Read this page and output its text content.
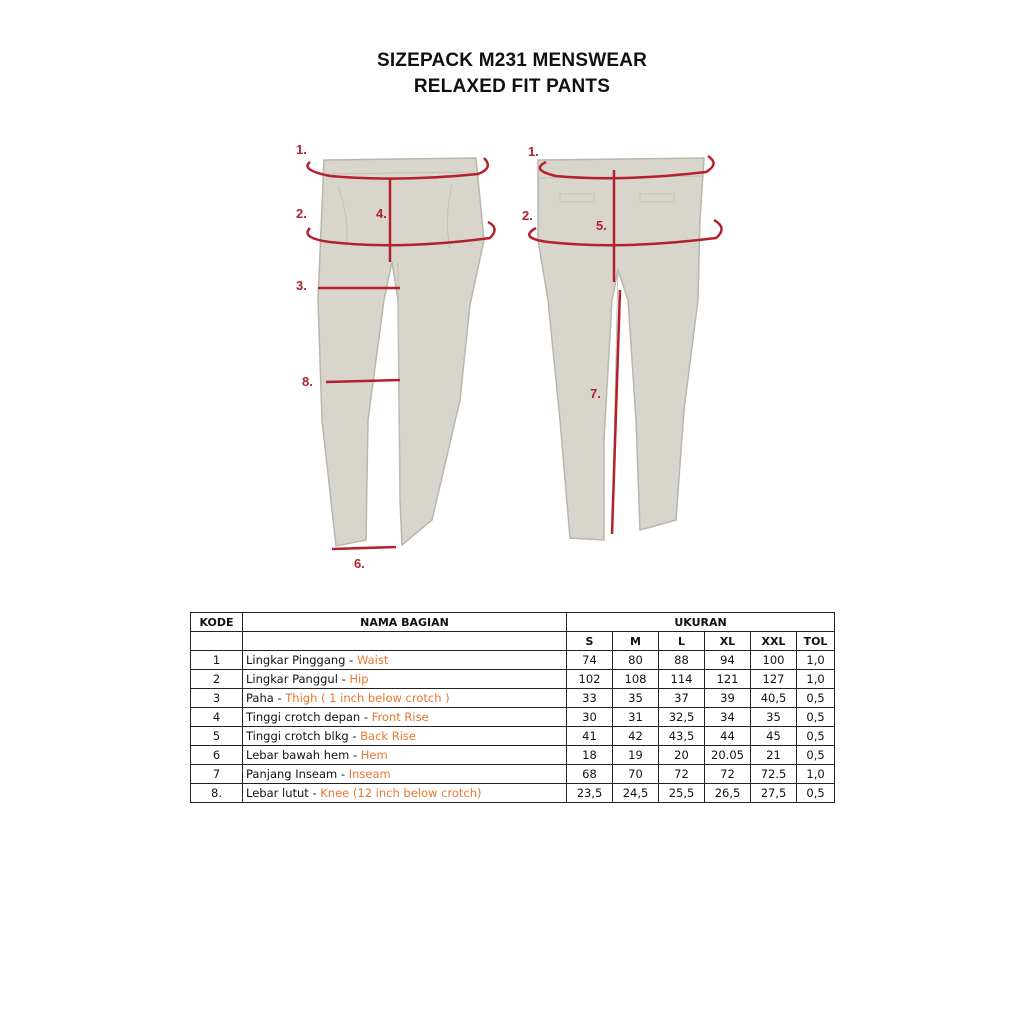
SIZEPACK M231 MENSWEAR
RELAXED FIT PANTS
1.
2.
3.
4.
8.
6.
1.
2.
5.
7.
KODE	NAMA BAGIAN	UKURAN					
		S	M	L	XL	XXL	TOL
1	Lingkar Pinggang - Waist	74	80	88	94	100	1,0
2	Lingkar Panggul - Hip	102	108	114	121	127	1,0
3	Paha - Thigh ( 1 inch below crotch )	33	35	37	39	40,5	0,5
4	Tinggi crotch depan - Front Rise	30	31	32,5	34	35	0,5
5	Tinggi crotch blkg - Back Rise	41	42	43,5	44	45	0,5
6	Lebar bawah hem - Hem	18	19	20	20.05	21	0,5
7	Panjang Inseam - Inseam	68	70	72	72	72.5	1,0
8.	Lebar lutut - Knee (12 inch below crotch)	23,5	24,5	25,5	26,5	27,5	0,5
